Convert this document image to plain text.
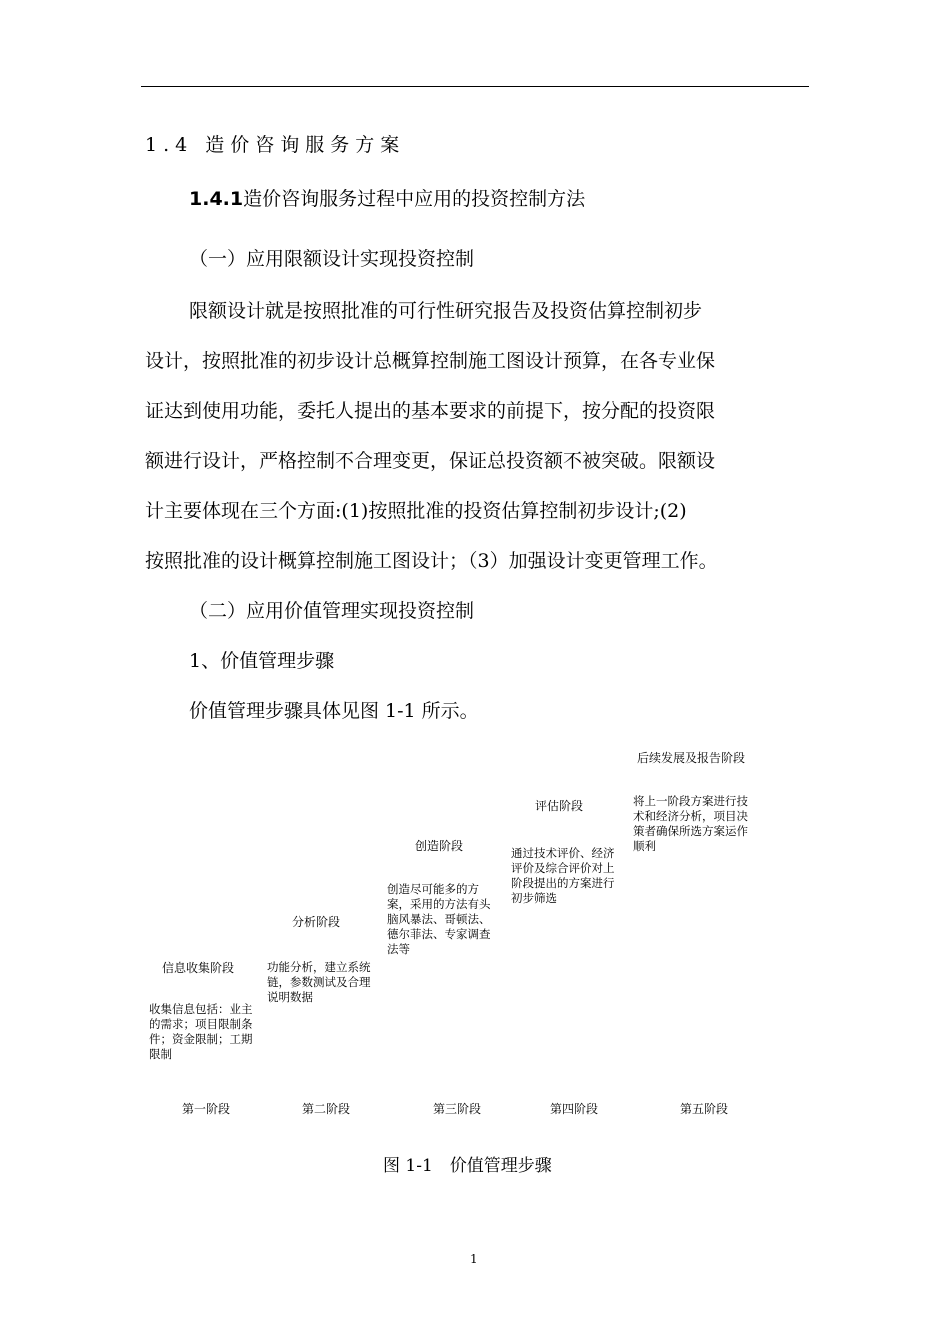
1.4 造价咨询服务方案
1.4.1造价咨询服务过程中应用的投资控制方法
（一）应用限额设计实现投资控制
限额设计就是按照批准的可行性研究报告及投资估算控制初步
设计，按照批准的初步设计总概算控制施工图设计预算，在各专业保
证达到使用功能，委托人提出的基本要求的前提下，按分配的投资限
额进行设计，严格控制不合理变更，保证总投资额不被突破。限额设
计主要体现在三个方面:(1)按照批准的投资估算控制初步设计;(2)
按照批准的设计概算控制施工图设计；（3）加强设计变更管理工作。
（二）应用价值管理实现投资控制
1、价值管理步骤
价值管理步骤具体见图 1-1 所示。
后续发展及报告阶段
将上一阶段方案进行技术和经济分析，项目决策者确保所选方案运作顺利
评估阶段
通过技术评价、经济评价及综合评价对上阶段提出的方案进行初步筛选
创造阶段
创造尽可能多的方案，采用的方法有头脑风暴法、哥顿法、德尔菲法、专家调查法等
分析阶段
功能分析，建立系统链，参数测试及合理说明数据
信息收集阶段
收集信息包括：业主的需求；项目限制条件；资金限制；工期限制
第一阶段	第二阶段	第三阶段	第四阶段	第五阶段
图 1-1　价值管理步骤
1
